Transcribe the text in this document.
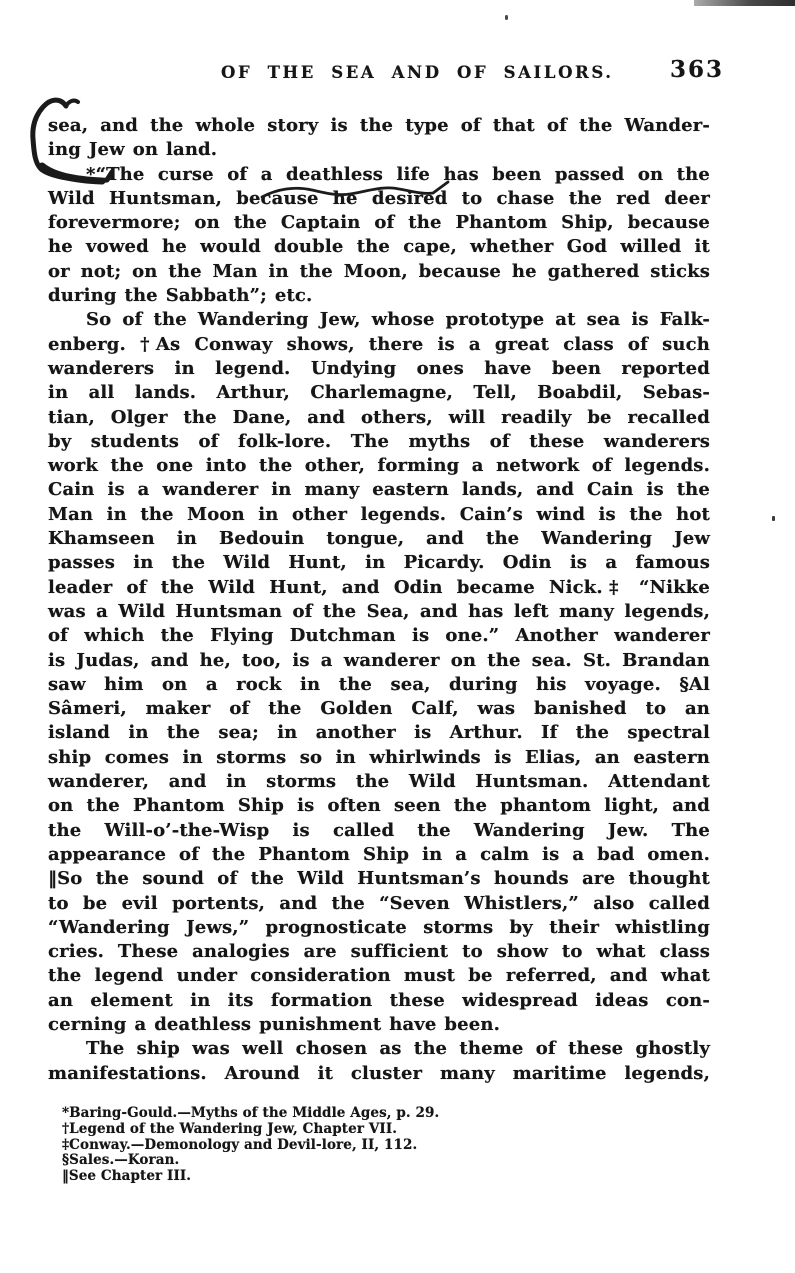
OF THE SEA AND OF SAILORS. 363
sea, and the whole story is the type of that of the Wander-
ing Jew on land.
*“The curse of a deathless life has been passed on the
Wild Huntsman, because he desired to chase the red deer
forevermore; on the Captain of the Phantom Ship, because
he vowed he would double the cape, whether God willed it
or not; on the Man in the Moon, because he gathered sticks
during the Sabbath”; etc.
So of the Wandering Jew, whose prototype at sea is Falk-
enberg. †As Conway shows, there is a great class of such
wanderers in legend. Undying ones have been reported
in all lands. Arthur, Charlemagne, Tell, Boabdil, Sebas-
tian, Olger the Dane, and others, will readily be recalled
by students of folk-lore. The myths of these wanderers
work the one into the other, forming a network of legends.
Cain is a wanderer in many eastern lands, and Cain is the
Man in the Moon in other legends. Cain’s wind is the hot
Khamseen in Bedouin tongue, and the Wandering Jew
passes in the Wild Hunt, in Picardy. Odin is a famous
leader of the Wild Hunt, and Odin became Nick.‡ “Nikke
was a Wild Huntsman of the Sea, and has left many legends,
of which the Flying Dutchman is one.” Another wanderer
is Judas, and he, too, is a wanderer on the sea. St. Brandan
saw him on a rock in the sea, during his voyage. §Al
Sâmeri, maker of the Golden Calf, was banished to an
island in the sea; in another is Arthur. If the spectral
ship comes in storms so in whirlwinds is Elias, an eastern
wanderer, and in storms the Wild Huntsman. Attendant
on the Phantom Ship is often seen the phantom light, and
the Will-o’-the-Wisp is called the Wandering Jew. The
appearance of the Phantom Ship in a calm is a bad omen.
‖So the sound of the Wild Huntsman’s hounds are thought
to be evil portents, and the “Seven Whistlers,” also called
“Wandering Jews,” prognosticate storms by their whistling
cries. These analogies are sufficient to show to what class
the legend under consideration must be referred, and what
an element in its formation these widespread ideas con-
cerning a deathless punishment have been.
The ship was well chosen as the theme of these ghostly
manifestations. Around it cluster many maritime legends,
*Baring-Gould.—Myths of the Middle Ages, p. 29.
†Legend of the Wandering Jew, Chapter VII.
‡Conway.—Demonology and Devil-lore, II, 112.
§Sales.—Koran.
‖See Chapter III.
